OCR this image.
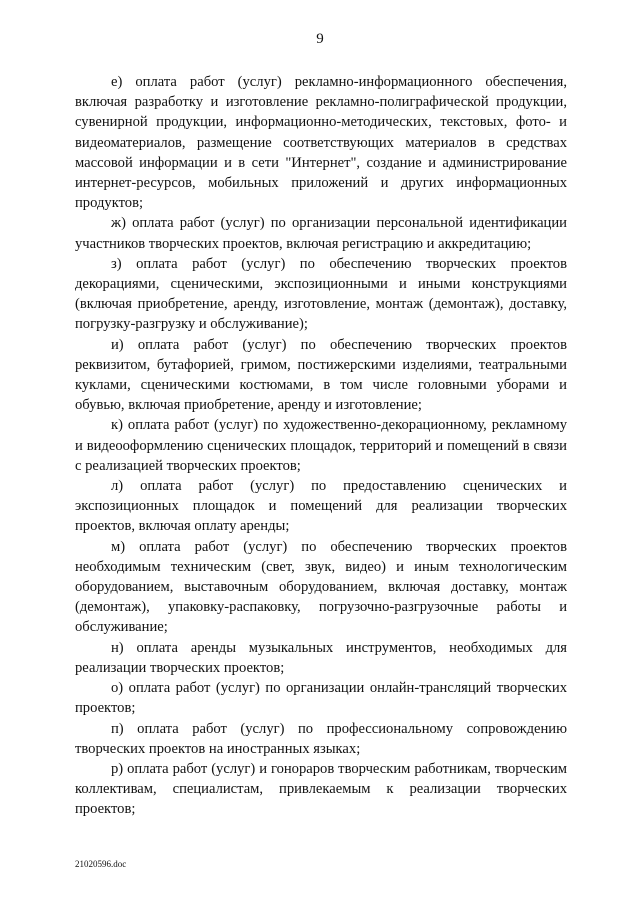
9

е) оплата работ (услуг) рекламно-информационного обеспечения, включая разработку и изготовление рекламно-полиграфической продукции, сувенирной продукции, информационно-методических, текстовых, фото- и видеоматериалов, размещение соответствующих материалов в средствах массовой информации и в сети "Интернет", создание и администрирование интернет-ресурсов, мобильных приложений и других информационных продуктов;

ж) оплата работ (услуг) по организации персональной идентификации участников творческих проектов, включая регистрацию и аккредитацию;

з) оплата работ (услуг) по обеспечению творческих проектов декорациями, сценическими, экспозиционными и иными конструкциями (включая приобретение, аренду, изготовление, монтаж (демонтаж), доставку, погрузку-разгрузку и обслуживание);

и) оплата работ (услуг) по обеспечению творческих проектов реквизитом, бутафорией, гримом, постижерскими изделиями, театральными куклами, сценическими костюмами, в том числе головными уборами и обувью, включая приобретение, аренду и изготовление;

к) оплата работ (услуг) по художественно-декорационному, рекламному и видеооформлению сценических площадок, территорий и помещений в связи с реализацией творческих проектов;

л) оплата работ (услуг) по предоставлению сценических и экспозиционных площадок и помещений для реализации творческих проектов, включая оплату аренды;

м) оплата работ (услуг) по обеспечению творческих проектов необходимым техническим (свет, звук, видео) и иным технологическим оборудованием, выставочным оборудованием, включая доставку, монтаж (демонтаж), упаковку-распаковку, погрузочно-разгрузочные работы и обслуживание;

н) оплата аренды музыкальных инструментов, необходимых для реализации творческих проектов;

о) оплата работ (услуг) по организации онлайн-трансляций творческих проектов;

п) оплата работ (услуг) по профессиональному сопровождению творческих проектов на иностранных языках;

р) оплата работ (услуг) и гонораров творческим работникам, творческим коллективам, специалистам, привлекаемым к реализации творческих проектов;

21020596.doc
